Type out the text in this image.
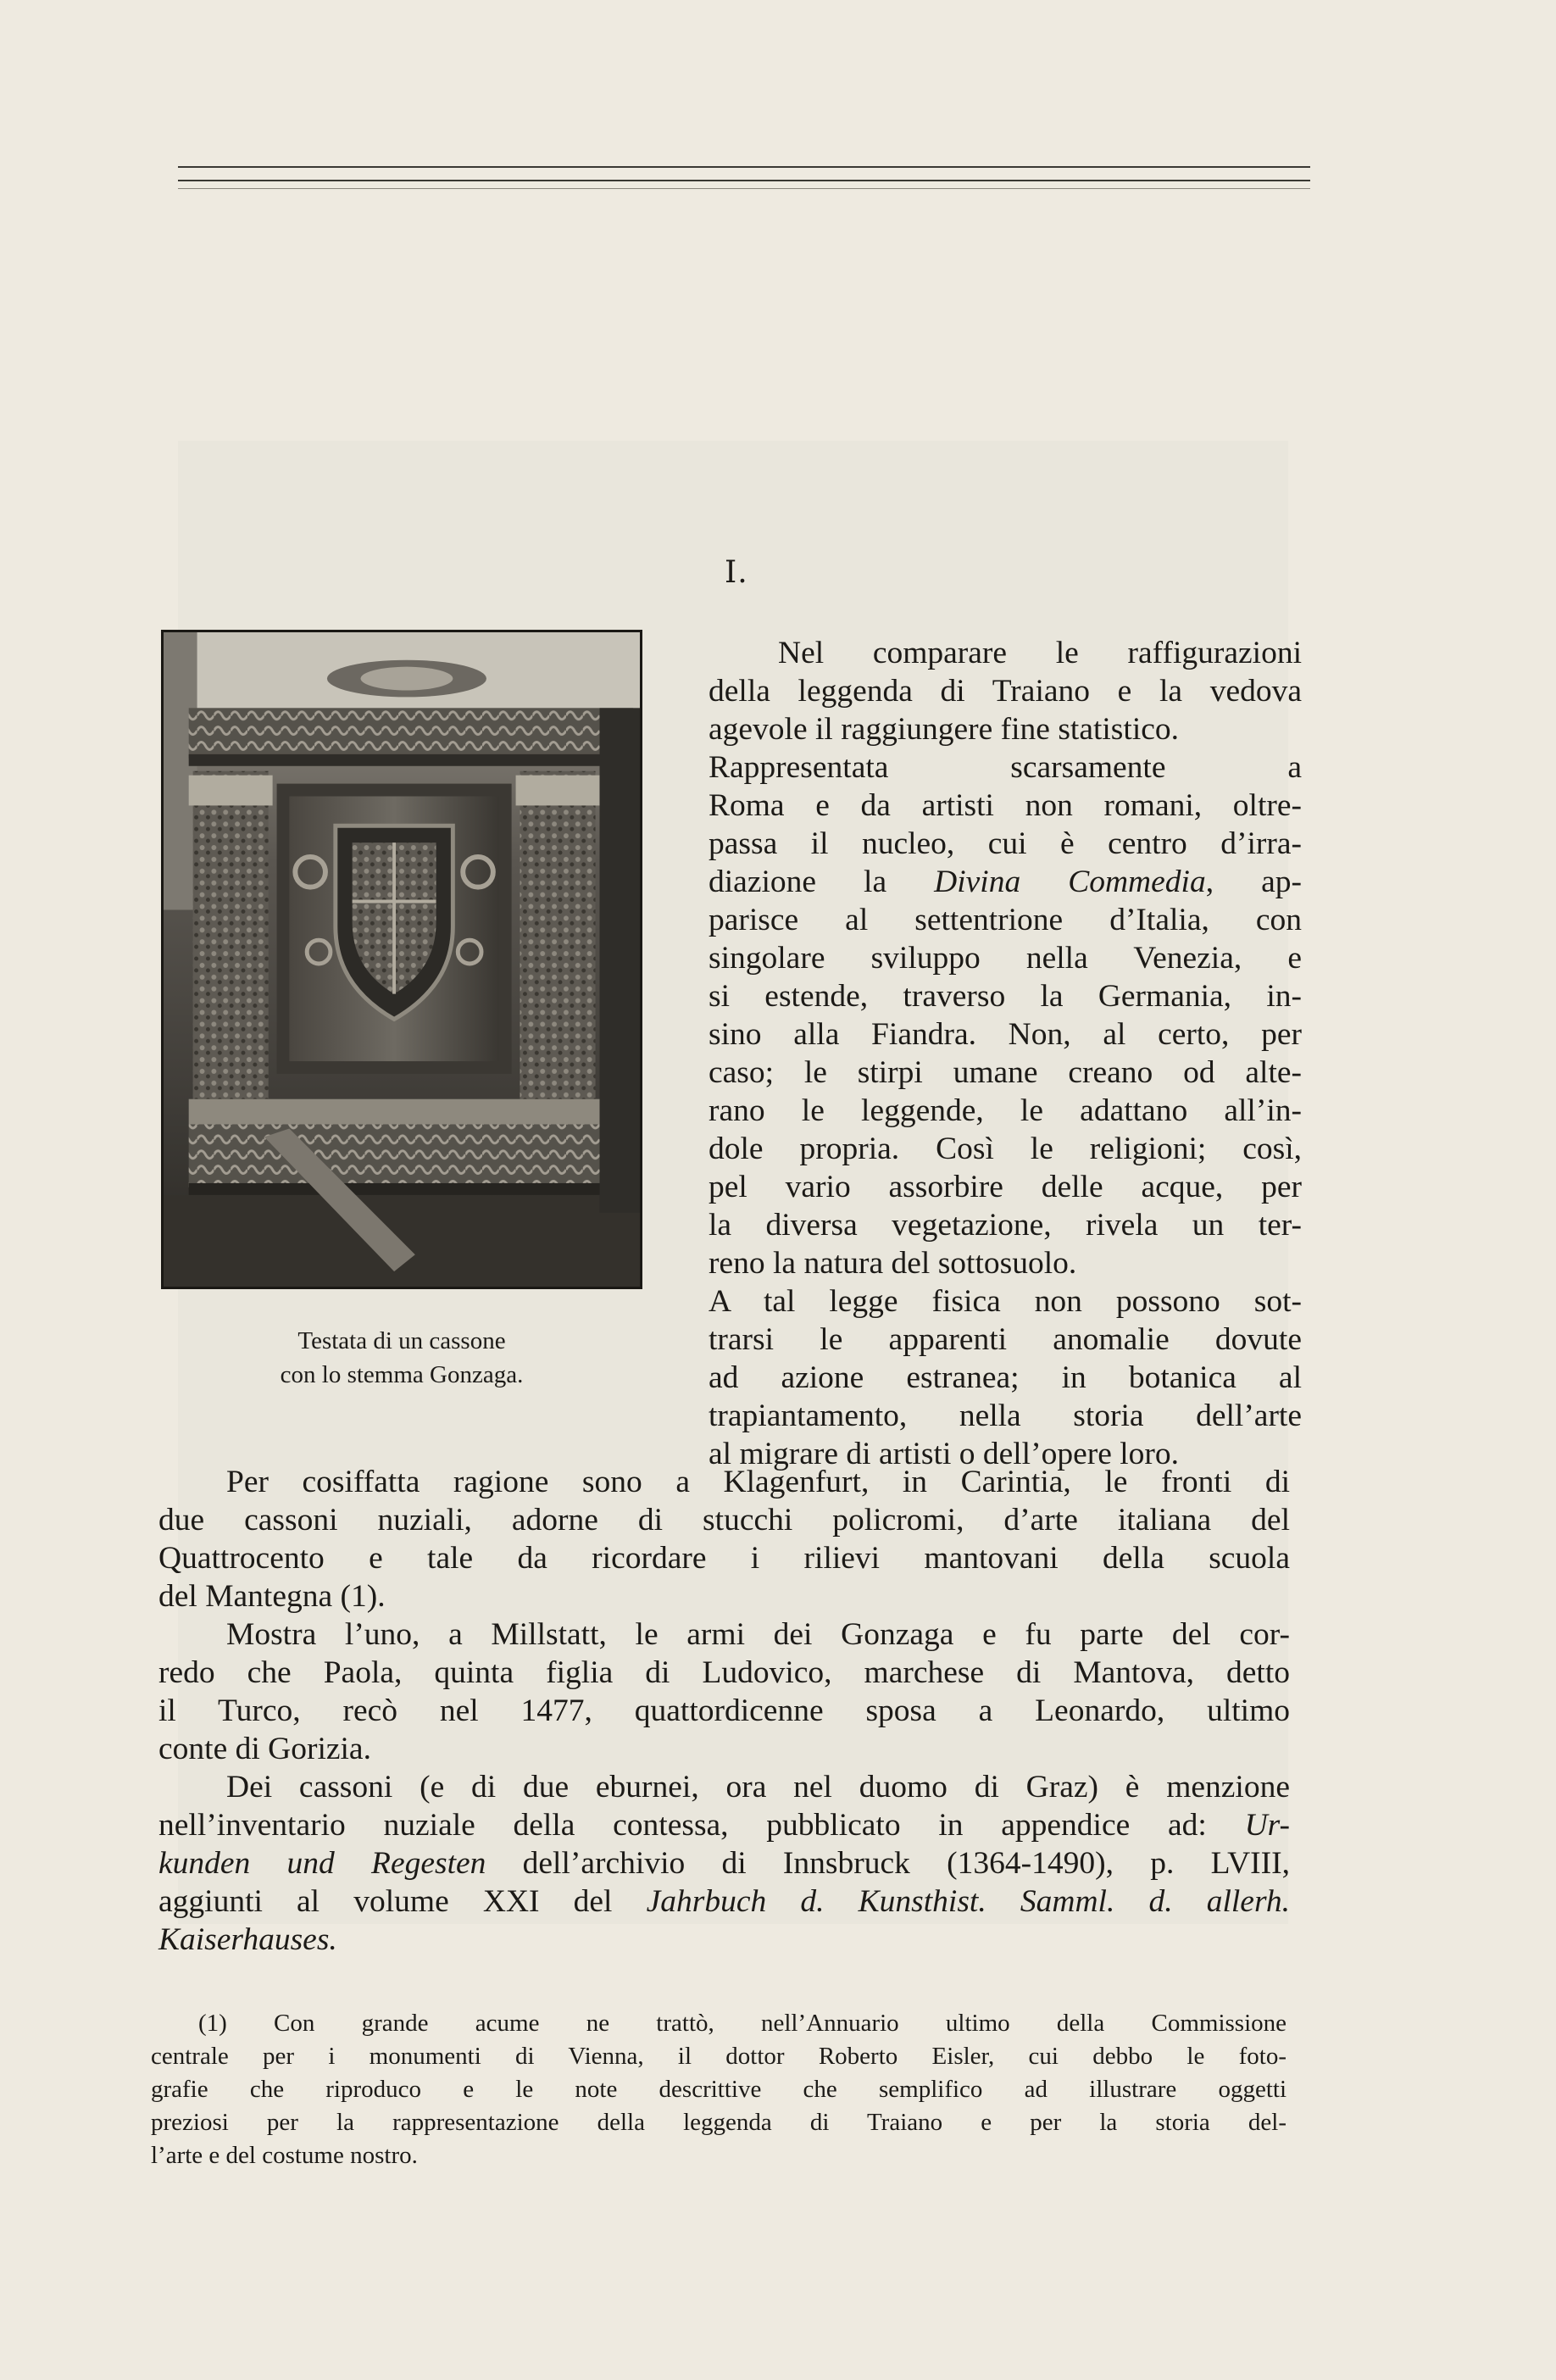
I.
Testata di un cassone
con lo stemma Gonzaga.
Nel comparare le raffigurazioni
della leggenda di Traiano e la vedova
agevole il raggiungere fine statistico.
Rappresentata scarsamente a Roma e da artisti non romani, oltre- passa il nucleo, cui è centro d’irra- diazione la Divina Commedia, ap- parisce al settentrione d’Italia, con singolare sviluppo nella Venezia, e si estende, traverso la Germania, in- sino alla Fiandra. Non, al certo, per caso; le stirpi umane creano od alte- rano le leggende, le adattano all’in- dole propria. Così le religioni; così, pel vario assorbire delle acque, per la diversa vegetazione, rivela un ter- reno la natura del sottosuolo.
A tal legge fisica non possono sot- trarsi le apparenti anomalie dovute ad azione estranea; in botanica al trapiantamento, nella storia dell’arte al migrare di artisti o dell’opere loro.
Per cosiffatta ragione sono a Klagenfurt, in Carintia, le fronti di
due cassoni nuziali, adorne di stucchi policromi, d’arte italiana del
Quattrocento e tale da ricordare i rilievi mantovani della scuola
del Mantegna (1).
Mostra l’uno, a Millstatt, le armi dei Gonzaga e fu parte del cor-
redo che Paola, quinta figlia di Ludovico, marchese di Mantova, detto
il Turco, recò nel 1477, quattordicenne sposa a Leonardo, ultimo
conte di Gorizia.
Dei cassoni (e di due eburnei, ora nel duomo di Graz) è menzione
nell’inventario nuziale della contessa, pubblicato in appendice ad: Ur-
kunden und Regesten dell’archivio di Innsbruck (1364-1490), p. LVIII,
aggiunti al volume XXI del Jahrbuch d. Kunsthist. Samml. d. allerh.
Kaiserhauses.
(1) Con grande acume ne trattò, nell’Annuario ultimo della Commissione
centrale per i monumenti di Vienna, il dottor Roberto Eisler, cui debbo le foto-
grafie che riproduco e le note descrittive che semplifico ad illustrare oggetti
preziosi per la rappresentazione della leggenda di Traiano e per la storia del-
l’arte e del costume nostro.
